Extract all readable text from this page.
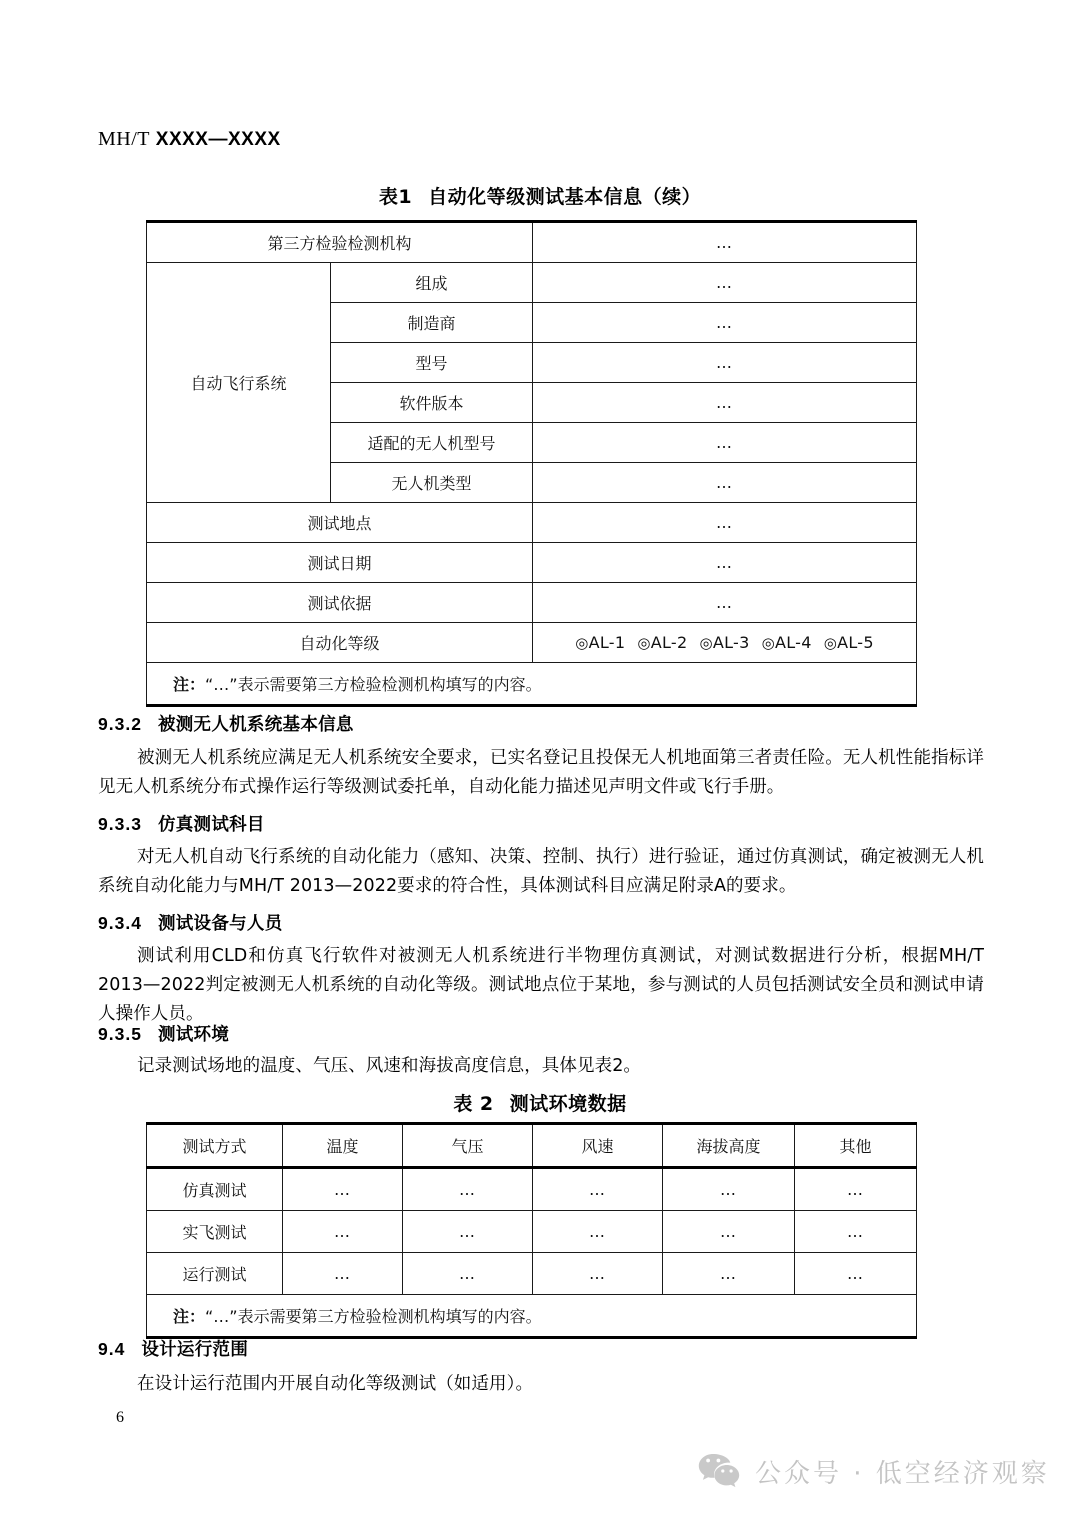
MH/T XXXX—XXXX
表1 自动化等级测试基本信息（续）
第三方检验检测机构		…
自动飞行系统	组成	…
	制造商	…
	型号	…
	软件版本	…
	适配的无人机型号	…
	无人机类型	…
测试地点		…
测试日期		…
测试依据		…
自动化等级		◎AL-1 ◎AL-2 ◎AL-3 ◎AL-4 ◎AL-5
注：“…”表示需要第三方检验检测机构填写的内容。		
9.3.2 被测无人机系统基本信息
被测无人机系统应满足无人机系统安全要求，已实名登记且投保无人机地面第三者责任险。无人机性能指标详见无人机系统分布式操作运行等级测试委托单，自动化能力描述见声明文件或飞行手册。
9.3.3 仿真测试科目
对无人机自动飞行系统的自动化能力（感知、决策、控制、执行）进行验证，通过仿真测试，确定被测无人机系统自动化能力与MH/T 2013—2022要求的符合性，具体测试科目应满足附录A的要求。
9.3.4 测试设备与人员
测试利用CLD和仿真飞行软件对被测无人机系统进行半物理仿真测试，对测试数据进行分析，根据MH/T 2013—2022判定被测无人机系统的自动化等级。测试地点位于某地，参与测试的人员包括测试安全员和测试申请人操作人员。
9.3.5 测试环境
记录测试场地的温度、气压、风速和海拔高度信息，具体见表2。
表 2 测试环境数据
测试方式	温度	气压	风速	海拔高度	其他
仿真测试	…	…	…	…	…
实飞测试	…	…	…	…	…
运行测试	…	…	…	…	…
注：“…”表示需要第三方检验检测机构填写的内容。					
9.4 设计运行范围
在设计运行范围内开展自动化等级测试（如适用）。
6
公众号 · 低空经济观察
